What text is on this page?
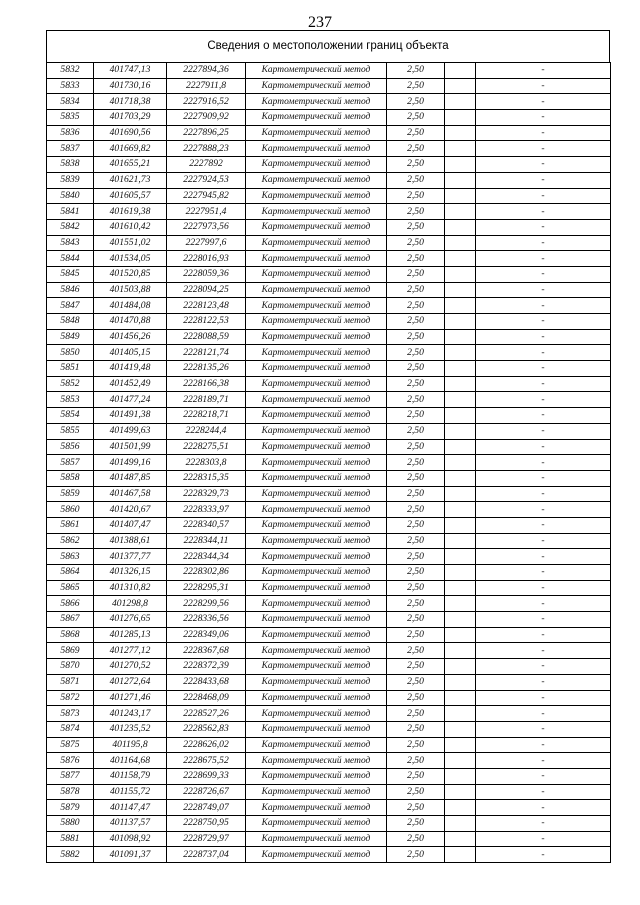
237
Сведения о местоположении границ объекта
5832	401747,13	2227894,36	Картометрический метод	2,50		-
5833	401730,16	2227911,8	Картометрический метод	2,50		-
5834	401718,38	2227916,52	Картометрический метод	2,50		-
5835	401703,29	2227909,92	Картометрический метод	2,50		-
5836	401690,56	2227896,25	Картометрический метод	2,50		-
5837	401669,82	2227888,23	Картометрический метод	2,50		-
5838	401655,21	2227892	Картометрический метод	2,50		-
5839	401621,73	2227924,53	Картометрический метод	2,50		-
5840	401605,57	2227945,82	Картометрический метод	2,50		-
5841	401619,38	2227951,4	Картометрический метод	2,50		-
5842	401610,42	2227973,56	Картометрический метод	2,50		-
5843	401551,02	2227997,6	Картометрический метод	2,50		-
5844	401534,05	2228016,93	Картометрический метод	2,50		-
5845	401520,85	2228059,36	Картометрический метод	2,50		-
5846	401503,88	2228094,25	Картометрический метод	2,50		-
5847	401484,08	2228123,48	Картометрический метод	2,50		-
5848	401470,88	2228122,53	Картометрический метод	2,50		-
5849	401456,26	2228088,59	Картометрический метод	2,50		-
5850	401405,15	2228121,74	Картометрический метод	2,50		-
5851	401419,48	2228135,26	Картометрический метод	2,50		-
5852	401452,49	2228166,38	Картометрический метод	2,50		-
5853	401477,24	2228189,71	Картометрический метод	2,50		-
5854	401491,38	2228218,71	Картометрический метод	2,50		-
5855	401499,63	2228244,4	Картометрический метод	2,50		-
5856	401501,99	2228275,51	Картометрический метод	2,50		-
5857	401499,16	2228303,8	Картометрический метод	2,50		-
5858	401487,85	2228315,35	Картометрический метод	2,50		-
5859	401467,58	2228329,73	Картометрический метод	2,50		-
5860	401420,67	2228333,97	Картометрический метод	2,50		-
5861	401407,47	2228340,57	Картометрический метод	2,50		-
5862	401388,61	2228344,11	Картометрический метод	2,50		-
5863	401377,77	2228344,34	Картометрический метод	2,50		-
5864	401326,15	2228302,86	Картометрический метод	2,50		-
5865	401310,82	2228295,31	Картометрический метод	2,50		-
5866	401298,8	2228299,56	Картометрический метод	2,50		-
5867	401276,65	2228336,56	Картометрический метод	2,50		-
5868	401285,13	2228349,06	Картометрический метод	2,50		-
5869	401277,12	2228367,68	Картометрический метод	2,50		-
5870	401270,52	2228372,39	Картометрический метод	2,50		-
5871	401272,64	2228433,68	Картометрический метод	2,50		-
5872	401271,46	2228468,09	Картометрический метод	2,50		-
5873	401243,17	2228527,26	Картометрический метод	2,50		-
5874	401235,52	2228562,83	Картометрический метод	2,50		-
5875	401195,8	2228626,02	Картометрический метод	2,50		-
5876	401164,68	2228675,52	Картометрический метод	2,50		-
5877	401158,79	2228699,33	Картометрический метод	2,50		-
5878	401155,72	2228726,67	Картометрический метод	2,50		-
5879	401147,47	2228749,07	Картометрический метод	2,50		-
5880	401137,57	2228750,95	Картометрический метод	2,50		-
5881	401098,92	2228729,97	Картометрический метод	2,50		-
5882	401091,37	2228737,04	Картометрический метод	2,50		-
